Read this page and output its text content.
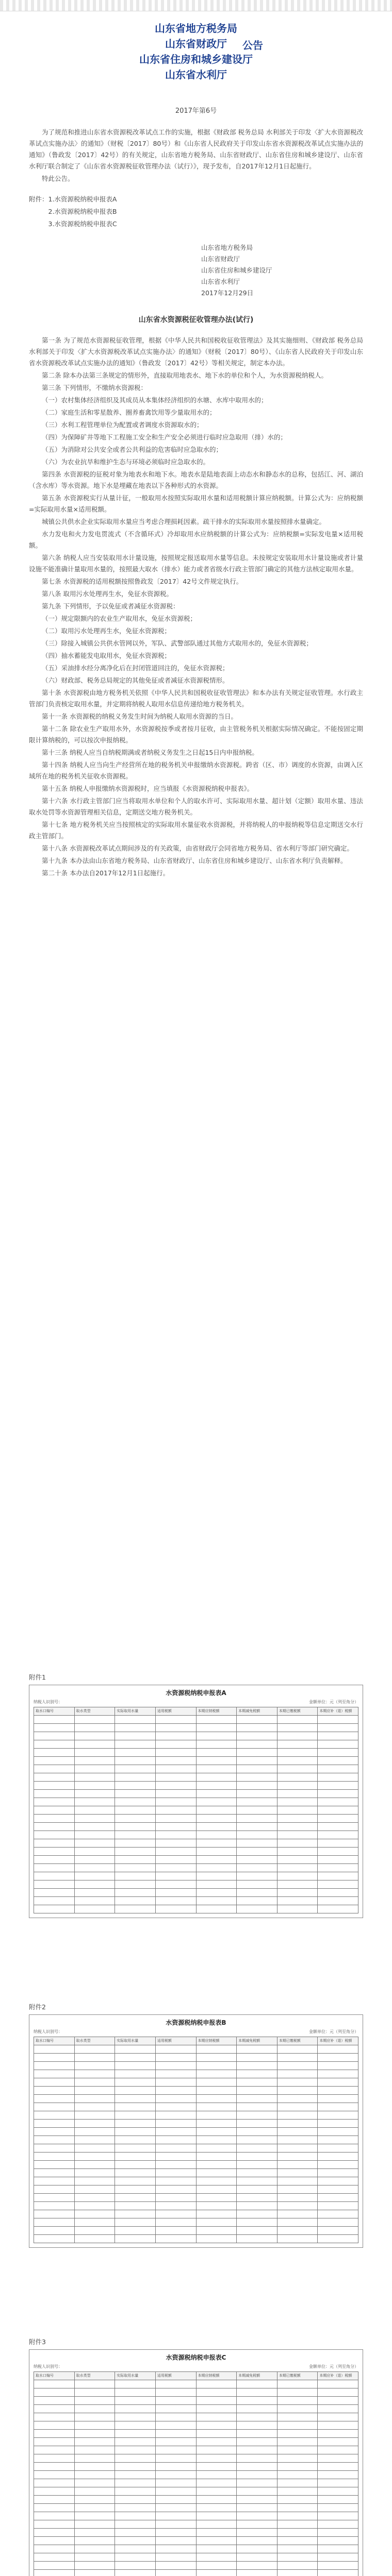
山东省地方税务局
山东省财政厅
山东省住房和城乡建设厅
山东省水利厅
公告
2017年第6号

为了规范和推进山东省水资源税改革试点工作的实施，根据《财政部 税务总局 水利部关于印发〈扩大水资源税改革试点实施办法〉的通知》（财税〔2017〕80号）和《山东省人民政府关于印发山东省水资源税改革试点实施办法的通知》（鲁政发〔2017〕42号）的有关规定，山东省地方税务局、山东省财政厅、山东省住房和城乡建设厅、山东省水利厅联合制定了《山东省水资源税征收管理办法（试行）》，现予发布，自2017年12月1日起施行。

特此公告。

附件：1.水资源税纳税申报表A

2.水资源税纳税申报表B

3.水资源税纳税申报表C

山东省地方税务局
山东省财政厅
山东省住房和城乡建设厅
山东省水利厅
2017年12月29日
山东省水资源税征收管理办法(试行)

第一条 为了规范水资源税征收管理，根据《中华人民共和国税收征收管理法》及其实施细则、《财政部 税务总局 水利部关于印发〈扩大水资源税改革试点实施办法〉的通知》（财税〔2017〕80号）、《山东省人民政府关于印发山东省水资源税改革试点实施办法的通知》（鲁政发〔2017〕42号）等相关规定，制定本办法。

第二条 除本办法第三条规定的情形外，直接取用地表水、地下水的单位和个人，为水资源税纳税人。

第三条 下列情形，不缴纳水资源税：

（一）农村集体经济组织及其成员从本集体经济组织的水塘、水库中取用水的；

（二）家庭生活和零星散养、圈养畜禽饮用等少量取用水的；

（三）水利工程管理单位为配置或者调度水资源取水的；

（四）为保障矿井等地下工程施工安全和生产安全必须进行临时应急取用（排）水的；

（五）为消除对公共安全或者公共利益的危害临时应急取水的；

（六）为农业抗旱和维护生态与环境必须临时应急取水的。

第四条 水资源税的征税对象为地表水和地下水。地表水是陆地表面上动态水和静态水的总称，包括江、河、湖泊（含水库）等水资源。地下水是埋藏在地表以下各种形式的水资源。

第五条 水资源税实行从量计征，一般取用水按照实际取用水量和适用税额计算应纳税额。计算公式为：应纳税额=实际取用水量×适用税额。

城镇公共供水企业实际取用水量应当考虑合理损耗因素。疏干排水的实际取用水量按照排水量确定。

水力发电和火力发电贯流式（不含循环式）冷却取用水应纳税额的计算公式为：应纳税额=实际发电量×适用税额。

第六条 纳税人应当安装取用水计量设施，按照规定报送取用水量等信息。未按规定安装取用水计量设施或者计量设施不能准确计量取用水量的，按照最大取水（排水）能力或者省级水行政主管部门确定的其他方法核定取用水量。

第七条 水资源税的适用税额按照鲁政发〔2017〕42号文件规定执行。

第八条 取用污水处理再生水，免征水资源税。

第九条 下列情形，予以免征或者减征水资源税：

（一）规定限额内的农业生产取用水，免征水资源税；

（二）取用污水处理再生水，免征水资源税；

（三）除接入城镇公共供水管网以外，军队、武警部队通过其他方式取用水的，免征水资源税；

（四）抽水蓄能发电取用水，免征水资源税；

（五）采油排水经分离净化后在封闭管道回注的，免征水资源税；

（六）财政部、税务总局规定的其他免征或者减征水资源税情形。

第十条 水资源税由地方税务机关依照《中华人民共和国税收征收管理法》和本办法有关规定征收管理。水行政主管部门负责核定取用水量，并定期将纳税人取用水信息传递给地方税务机关。

第十一条 水资源税的纳税义务发生时间为纳税人取用水资源的当日。

第十二条 除农业生产取用水外，水资源税按季或者按月征收，由主管税务机关根据实际情况确定。不能按固定期限计算纳税的，可以按次申报纳税。

第十三条 纳税人应当自纳税期满或者纳税义务发生之日起15日内申报纳税。

第十四条 纳税人应当向生产经营所在地的税务机关申报缴纳水资源税。跨省（区、市）调度的水资源，由调入区域所在地的税务机关征收水资源税。

第十五条 纳税人申报缴纳水资源税时，应当填报《水资源税纳税申报表》。

第十六条 水行政主管部门应当将取用水单位和个人的取水许可、实际取用水量、超计划（定额）取用水量、违法取水处罚等水资源管理相关信息，定期送交地方税务机关。

第十七条 地方税务机关应当按照核定的实际取用水量征收水资源税，并将纳税人的申报纳税等信息定期送交水行政主管部门。

第十八条 水资源税改革试点期间涉及的有关政策，由省财政厅会同省地方税务局、省水利厅等部门研究确定。

第十九条 本办法由山东省地方税务局、山东省财政厅、山东省住房和城乡建设厅、山东省水利厅负责解释。

第二十条 本办法自2017年12月1日起施行。

附件1
水资源税纳税申报表A
纳税人识别号：	金额单位：元（列至角分）
取水口编号	取水类型	实际取用水量	适用税额	本期应纳税额	本期减免税额	本期已缴税额	本期应补（退）税额
附件2
水资源税纳税申报表B
纳税人识别号：	金额单位：元（列至角分）
取水口编号	取水类型	实际取用水量	适用税额	本期应纳税额	本期减免税额	本期已缴税额	本期应补（退）税额
附件3
水资源税纳税申报表C
纳税人识别号：	金额单位：元（列至角分）
取水口编号	取水类型	实际取用水量	适用税额	本期应纳税额	本期减免税额	本期已缴税额	本期应补（退）税额
